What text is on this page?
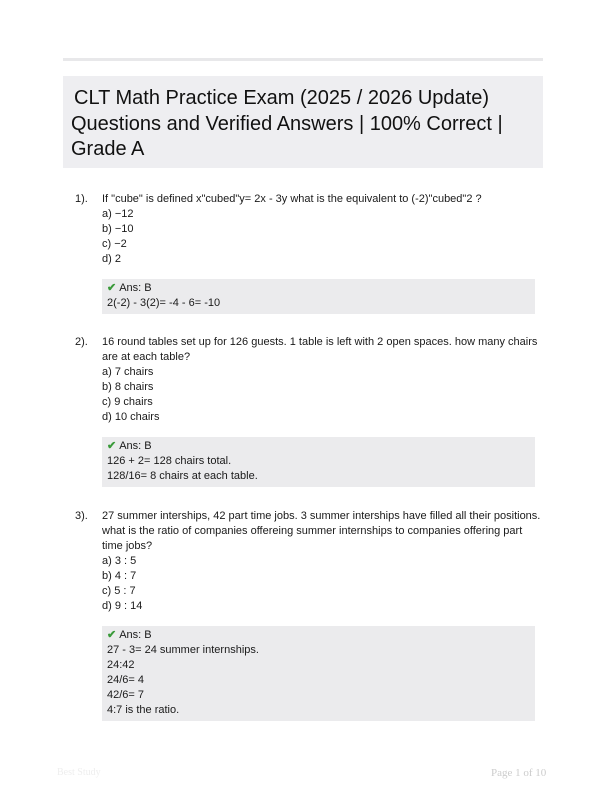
CLT Math Practice Exam (2025 / 2026 Update)
Questions and Verified Answers | 100% Correct |
Grade A
1). If "cube" is defined x"cubed"y= 2x - 3y what is the equivalent to (-2)"cubed"2 ?
a) −12
b) −10
c) −2
d) 2
✔ Ans: B
2(-2) - 3(2)= -4 - 6= -10
2). 16 round tables set up for 126 guests. 1 table is left with 2 open spaces. how many chairs are at each table?
a) 7 chairs
b) 8 chairs
c) 9 chairs
d) 10 chairs
✔ Ans: B
126 + 2= 128 chairs total.
128/16= 8 chairs at each table.
3). 27 summer interships, 42 part time jobs. 3 summer interships have filled all their positions. what is the ratio of companies offereing summer internships to companies offering part time jobs?
a) 3 : 5
b) 4 : 7
c) 5 : 7
d) 9 : 14
✔ Ans: B
27 - 3= 24 summer internships.
24:42
24/6= 4
42/6= 7
4:7 is the ratio.
Best Study	Page 1 of 10
